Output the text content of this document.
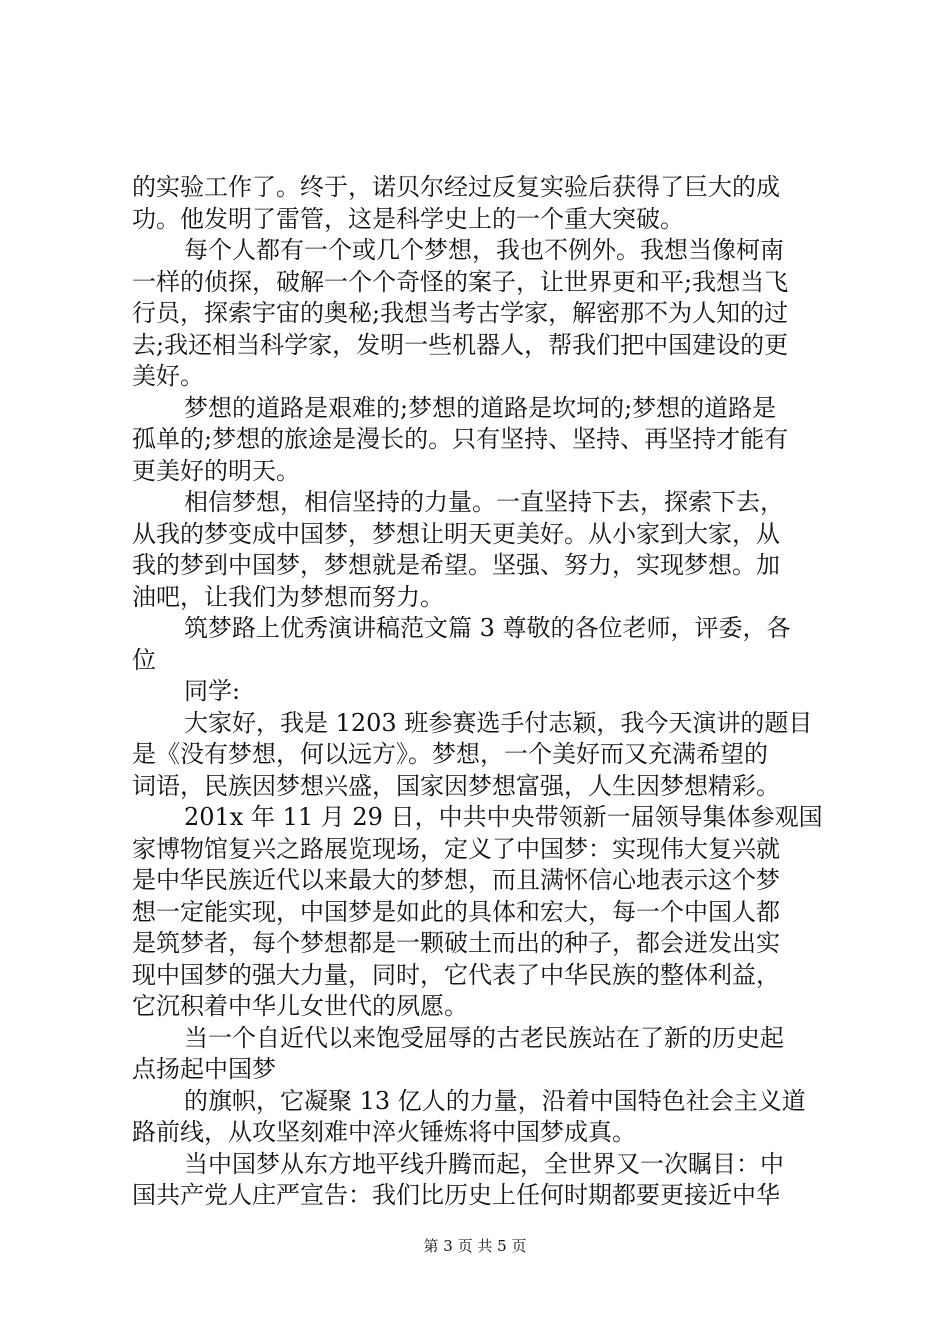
的实验工作了。终于，诺贝尔经过反复实验后获得了巨大的成
功。他发明了雷管，这是科学史上的一个重大突破。
每个人都有一个或几个梦想，我也不例外。我想当像柯南
一样的侦探，破解一个个奇怪的案子，让世界更和平;我想当飞
行员，探索宇宙的奥秘;我想当考古学家，解密那不为人知的过
去;我还相当科学家，发明一些机器人，帮我们把中国建设的更
美好。
梦想的道路是艰难的;梦想的道路是坎坷的;梦想的道路是
孤单的;梦想的旅途是漫长的。只有坚持、坚持、再坚持才能有
更美好的明天。
相信梦想，相信坚持的力量。一直坚持下去，探索下去，
从我的梦变成中国梦，梦想让明天更美好。从小家到大家，从
我的梦到中国梦，梦想就是希望。坚强、努力，实现梦想。加
油吧，让我们为梦想而努力。
筑梦路上优秀演讲稿范文篇 3 尊敬的各位老师，评委，各
位
同学:
大家好，我是 1203 班参赛选手付志颖，我今天演讲的题目
是《没有梦想，何以远方》。梦想，一个美好而又充满希望的
词语，民族因梦想兴盛，国家因梦想富强，人生因梦想精彩。
201x 年 11 月 29 日，中共中央带领新一届领导集体参观国
家博物馆复兴之路展览现场，定义了中国梦：实现伟大复兴就
是中华民族近代以来最大的梦想，而且满怀信心地表示这个梦
想一定能实现，中国梦是如此的具体和宏大，每一个中国人都
是筑梦者，每个梦想都是一颗破土而出的种子，都会迸发出实
现中国梦的强大力量，同时，它代表了中华民族的整体利益，
它沉积着中华儿女世代的夙愿。
当一个自近代以来饱受屈辱的古老民族站在了新的历史起
点扬起中国梦
的旗帜，它凝聚 13 亿人的力量，沿着中国特色社会主义道
路前线，从攻坚刻难中淬火锤炼将中国梦成真。
当中国梦从东方地平线升腾而起，全世界又一次瞩目：中
国共产党人庄严宣告：我们比历史上任何时期都要更接近中华
第 3 页 共 5 页
